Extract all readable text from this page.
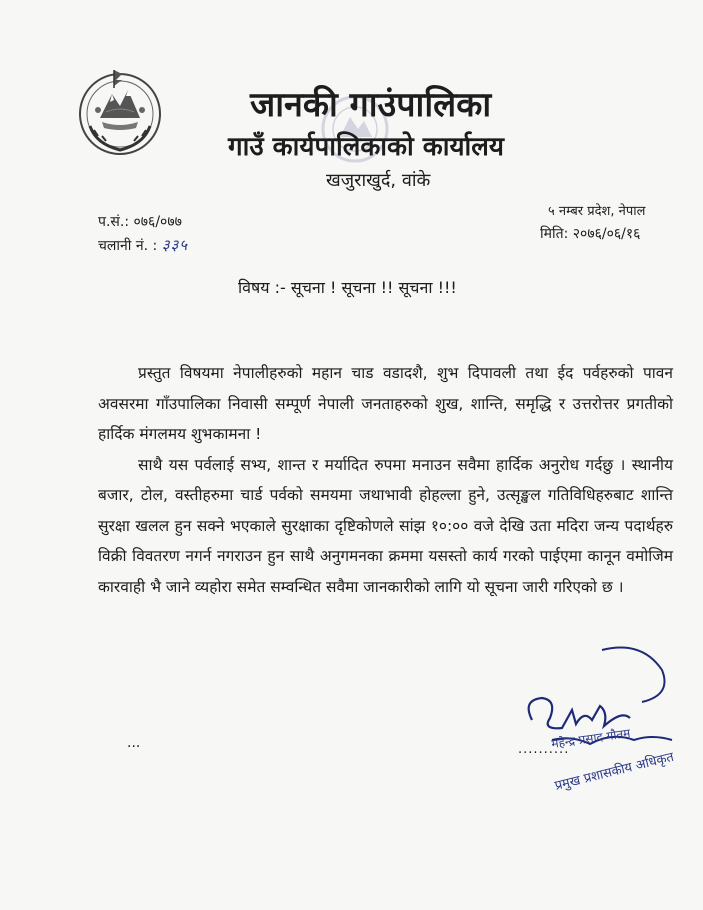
जानकी गाउंपालिका
गाउँ कार्यपालिकाको कार्यालय
खजुराखुर्द, वांके
प.सं.: ०७६/०७७
चलानी नं. : ३३५
५ नम्बर प्रदेश, नेपाल
मिति: २०७६/०६/१६
विषय :- सूचना ! सूचना !! सूचना !!!

प्रस्तुत विषयमा नेपालीहरुको महान चाड वडादशै, शुभ दिपावली तथा ईद पर्वहरुको पावन अवसरमा गाँउपालिका निवासी सम्पूर्ण नेपाली जनताहरुको शुख, शान्ति, समृद्धि र उत्तरोत्तर प्रगतीको हार्दिक मंगलमय शुभकामना !

साथै यस पर्वलाई सभ्य, शान्त र मर्यादित रुपमा मनाउन सवैमा हार्दिक अनुरोध गर्दछु । स्थानीय बजार, टोल, वस्तीहरुमा चार्ड पर्वको समयमा जथाभावी होहल्ला हुने, उत्सृङ्खल गतिविधिहरुबाट शान्ति सुरक्षा खलल हुन सक्ने भएकाले सुरक्षाका दृष्टिकोणले सांझ १०:०० वजे देखि उता मदिरा जन्य पदार्थहरु विक्री विवतरण नगर्न नगराउन हुन साथै अनुगमनका क्रममा यसस्तो कार्य गरको पाईएमा कानून वमोजिम कारवाही भै जाने व्यहोरा समेत सम्वन्धित सवैमा जानकारीको लागि यो सूचना जारी गरिएको छ ।

...	..........
महेन्द्र प्रसाद गौतम
प्रमुख प्रशासकीय अधिकृत
